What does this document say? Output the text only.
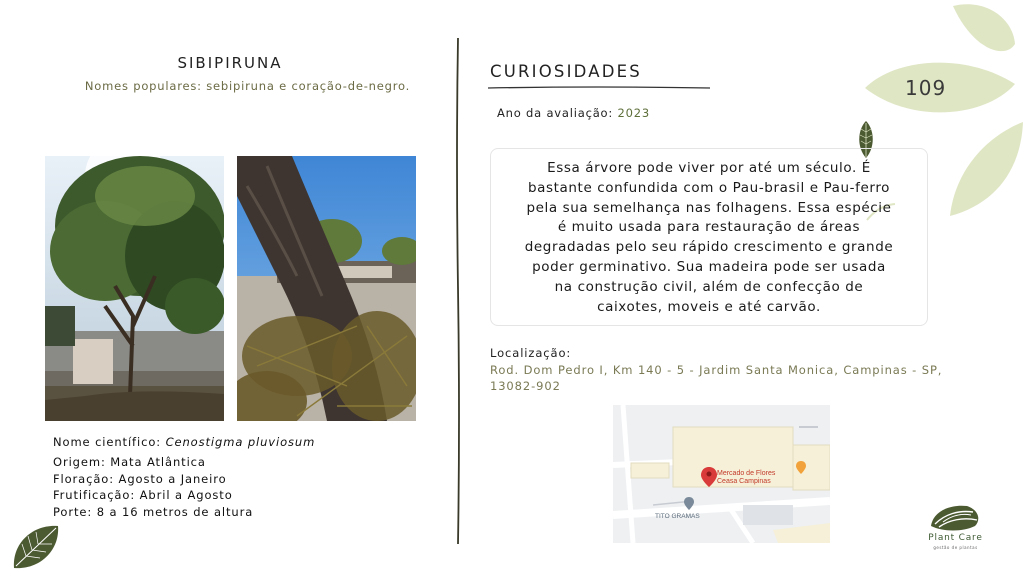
SIBIPIRUNA
Nomes populares: sebipiruna e coração-de-negro.
Nome científico: Cenostigma pluviosum
Origem: Mata Atlântica
Floração: Agosto a Janeiro
Frutificação: Abril a Agosto
Porte: 8 a 16 metros de altura
CURIOSIDADES
Ano da avaliação: 2023
Essa árvore pode viver por até um século. É
bastante confundida com o Pau-brasil e Pau-ferro
pela sua semelhança nas folhagens. Essa espécie
é muito usada para restauração de áreas
degradadas pelo seu rápido crescimento e grande
poder germinativo. Sua madeira pode ser usada
na construção civil, além de confecção de
caixotes, moveis e até carvão.
Localização:
Rod. Dom Pedro I, Km 140 - 5 - Jardim Santa Monica, Campinas - SP,
13082-902
Mercado de Flores
Ceasa Campinas
TITO GRAMAS
109
Plant Care
gestão de plantas
